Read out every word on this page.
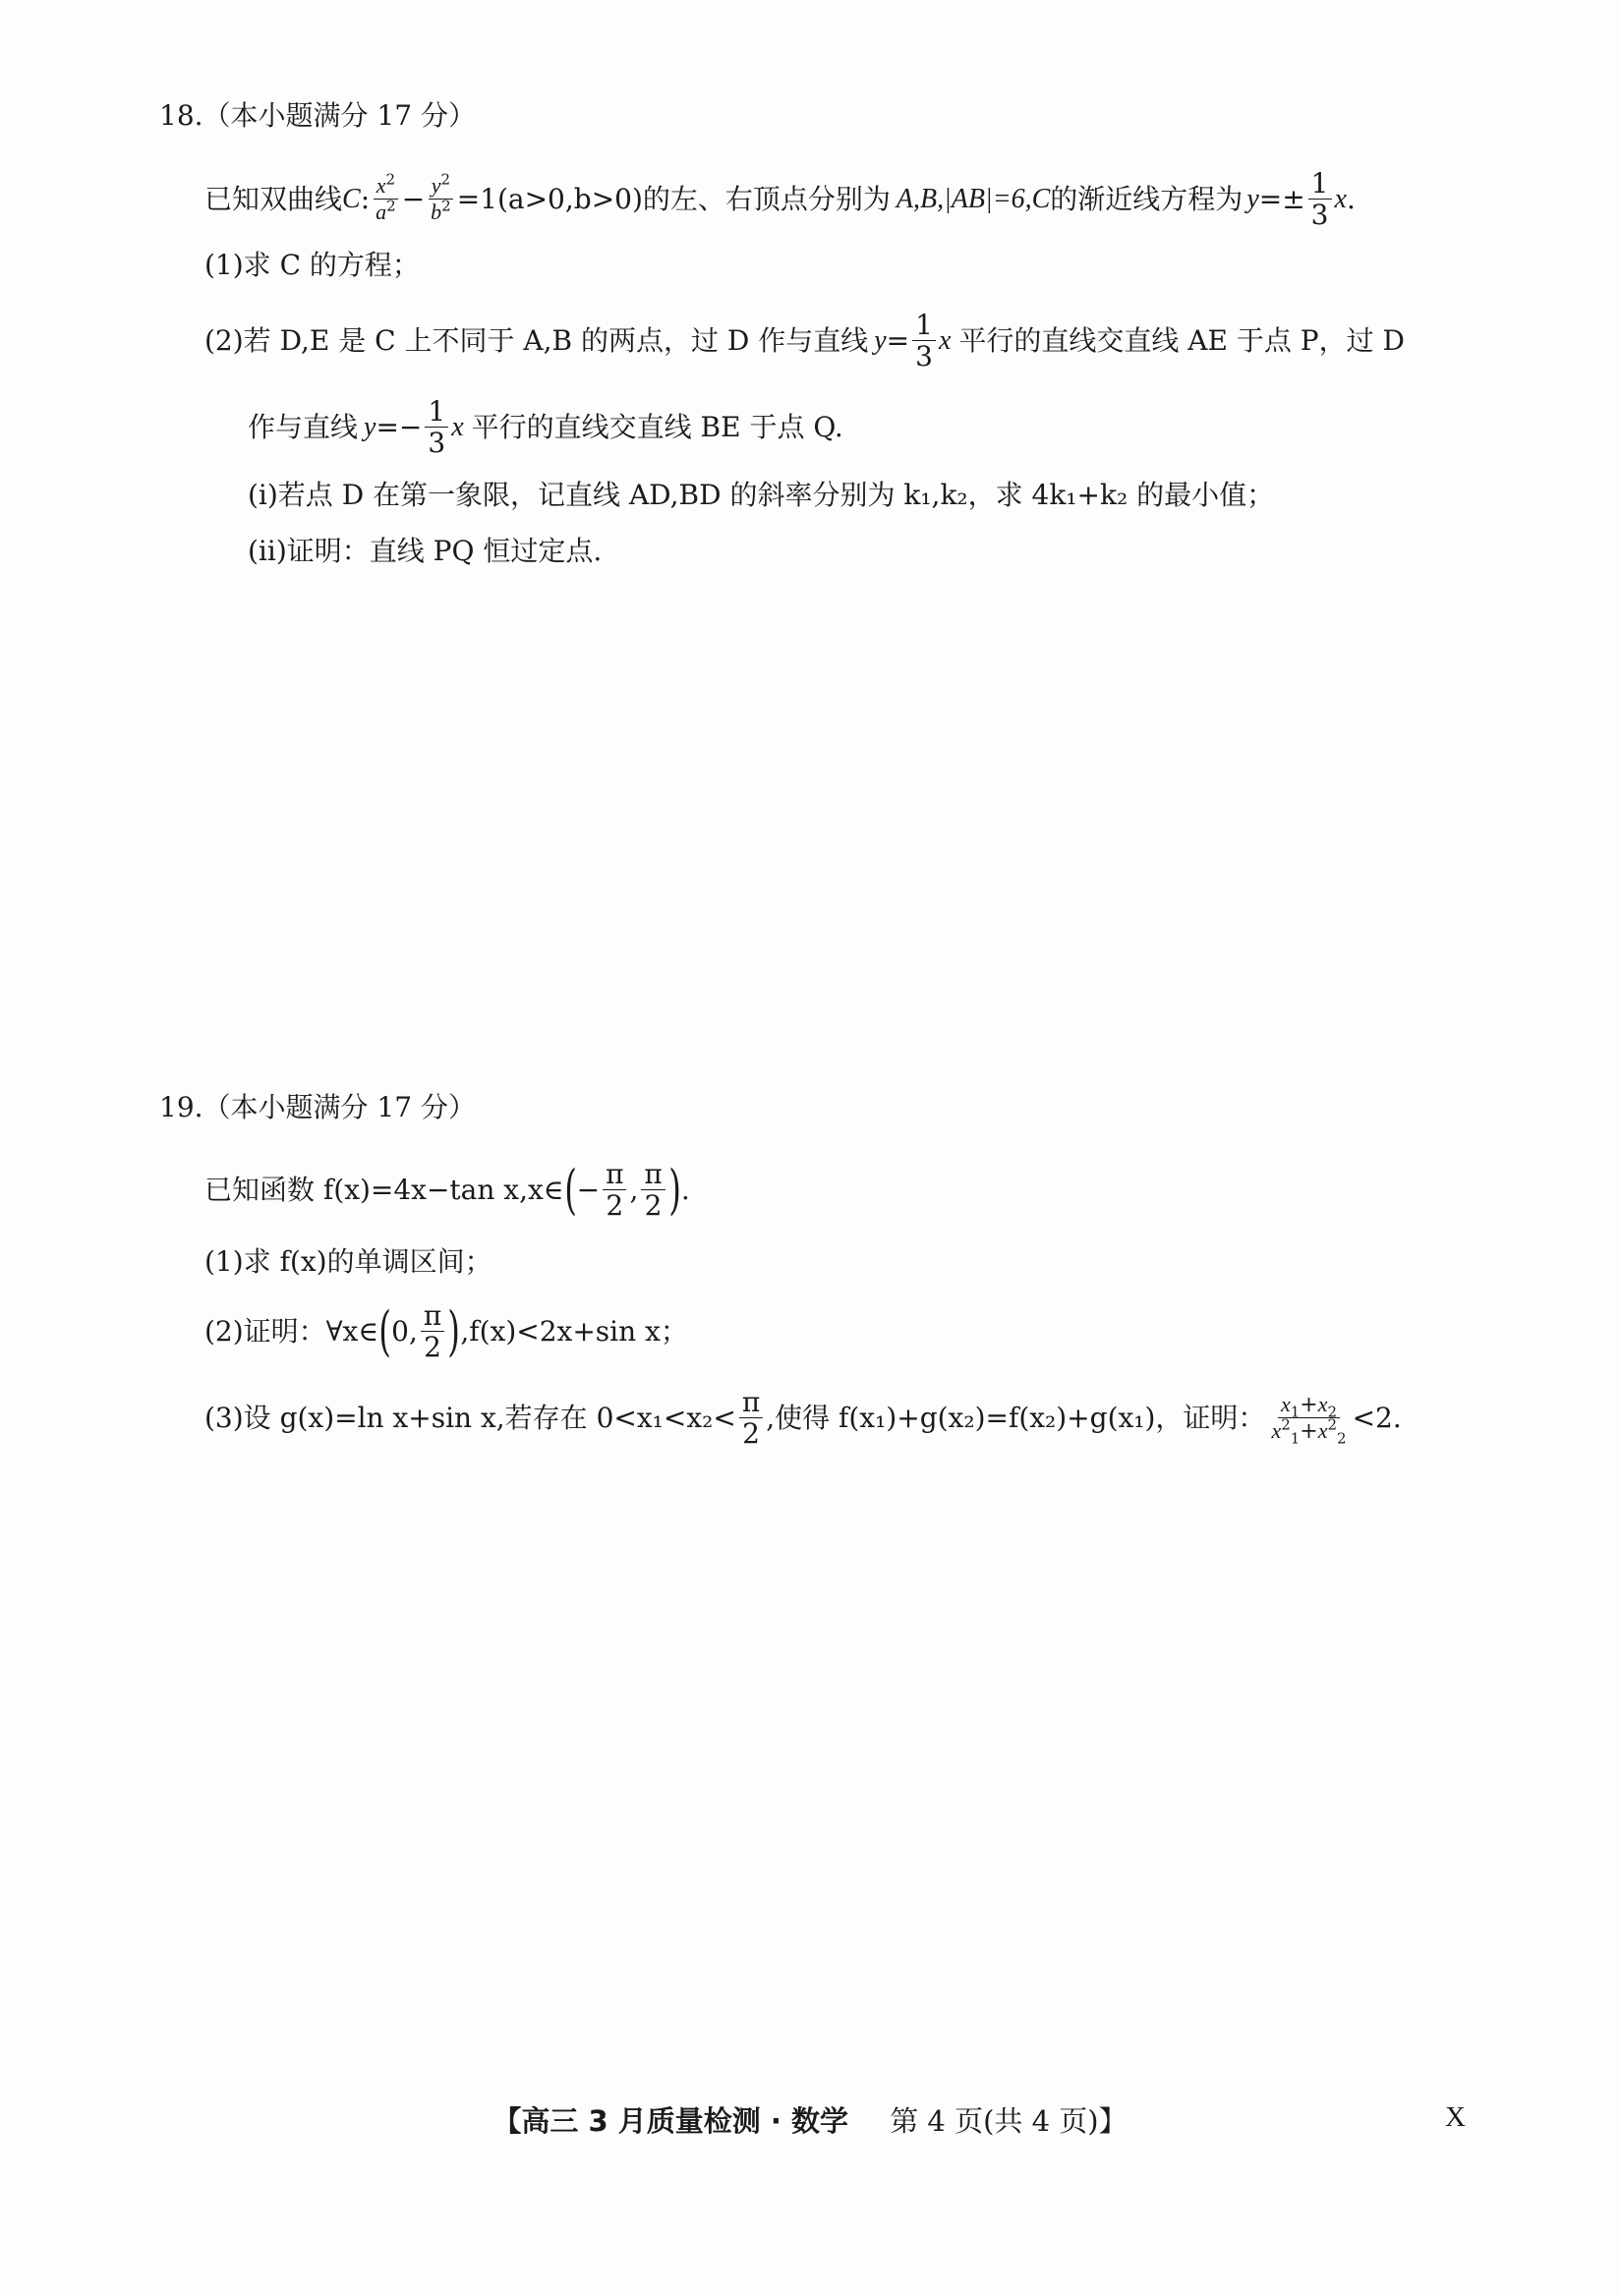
18.（本小题满分 17 分）
已知双曲线 C : $\frac{x^2}{a^2} - \frac{y^2}{b^2} =1(a>0,b>0)$的左、右顶点分别为 A,B,|AB|=6,C 的渐近线方程为 $y =\pm \frac{1}{3}$ x .
(1)求 C 的方程；
(2)若 D,E 是 C 上不同于 A,B 的两点，过 D 作与直线 $y = \frac{1}{3}$ x 平行的直线交直线 AE 于点 P，过 D
作与直线 $y =- \frac{1}{3}$ x 平行的直线交直线 BE 于点 Q.
(ⅰ)若点 D 在第一象限，记直线 AD,BD 的斜率分别为 k₁,k₂，求 4k₁+k₂ 的最小值；
(ⅱ)证明：直线 PQ 恒过定点.
19.（本小题满分 17 分）
已知函数 f(x)=4x−tan x,x∈ ( − $\frac{\pi}{2}$ , $\frac{\pi}{2}$ ) .
(1)求 f(x)的单调区间；
(2)证明：∀x∈ ( 0, $\frac{\pi}{2}$ ) ,f(x)<2x+sin x；
(3)设 g(x)=ln x+sin x,若存在 $0<x_1<x_2< \frac{\pi}{2}$ ,使得 f(x₁)+g(x₂)=f(x₂)+g(x₁)，证明： $\frac{x_1+x_2}{x^2_1+x^2_2} <2$.
【高三 3 月质量检测 · 数学 第 4 页(共 4 页)】	X
